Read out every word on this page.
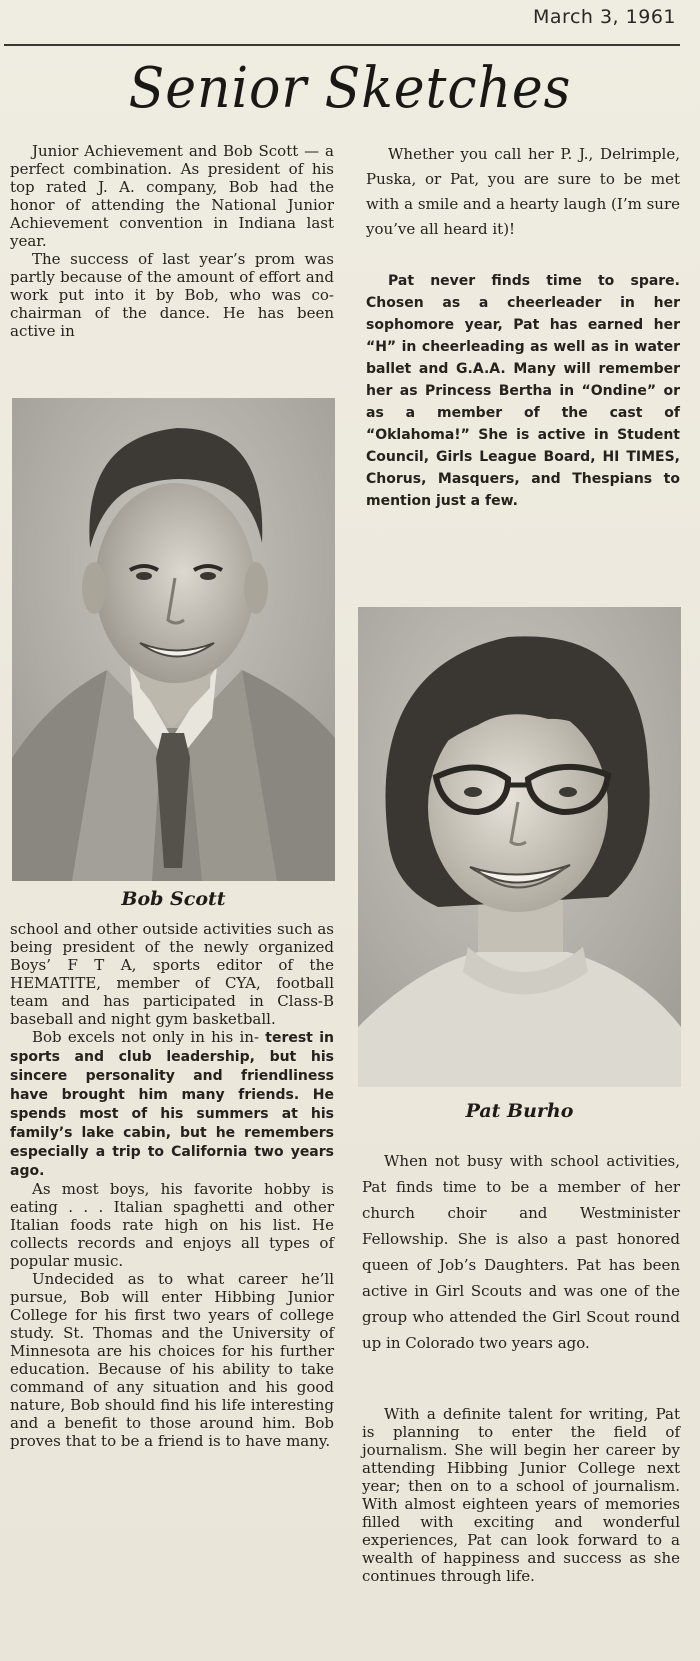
March 3, 1961
Senior Sketches

Junior Achievement and Bob Scott — a perfect combination. As president of his top rated J. A. company, Bob had the honor of attending the National Junior Achievement convention in Indiana last year.

The success of last year’s prom was partly because of the amount of effort and work put into it by Bob, who was co-chairman of the dance. He has been active in

Whether you call her P. J., Delrimple, Puska, or Pat, you are sure to be met with a smile and a hearty laugh (I’m sure you’ve all heard it)!

Pat never finds time to spare. Chosen as a cheerleader in her sophomore year, Pat has earned her “H” in cheerleading as well as in water ballet and G.A.A. Many will remember her as Princess Bertha in “Ondine” or as a member of the cast of “Oklahoma!” She is active in Student Council, Girls League Board, HI TIMES, Chorus, Masquers, and Thespians to mention just a few.

Bob Scott

school and other outside activities such as being president of the newly organized Boys’ F T A, sports editor of the HEMATITE, member of CYA, football team and has participated in Class-B baseball and night gym basketball.

Bob excels not only in his in- terest in sports and club leadership, but his sincere personality and friendliness have brought him many friends. He spends most of his summers at his family’s lake cabin, but he remembers especially a trip to California two years ago.

As most boys, his favorite hobby is eating . . . Italian spaghetti and other Italian foods rate high on his list. He collects records and enjoys all types of popular music.

Undecided as to what career he’ll pursue, Bob will enter Hibbing Junior College for his first two years of college study. St. Thomas and the University of Minnesota are his choices for his further education. Because of his ability to take command of any situation and his good nature, Bob should find his life interesting and a benefit to those around him. Bob proves that to be a friend is to have many.

Pat Burho

When not busy with school activities, Pat finds time to be a member of her church choir and Westminister Fellowship. She is also a past honored queen of Job’s Daughters. Pat has been active in Girl Scouts and was one of the group who attended the Girl Scout round up in Colorado two years ago.

With a definite talent for writing, Pat is planning to enter the field of journalism. She will begin her career by attending Hibbing Junior College next year; then on to a school of journalism. With almost eighteen years of memories filled with exciting and wonderful experiences, Pat can look forward to a wealth of happiness and success as she continues through life.
